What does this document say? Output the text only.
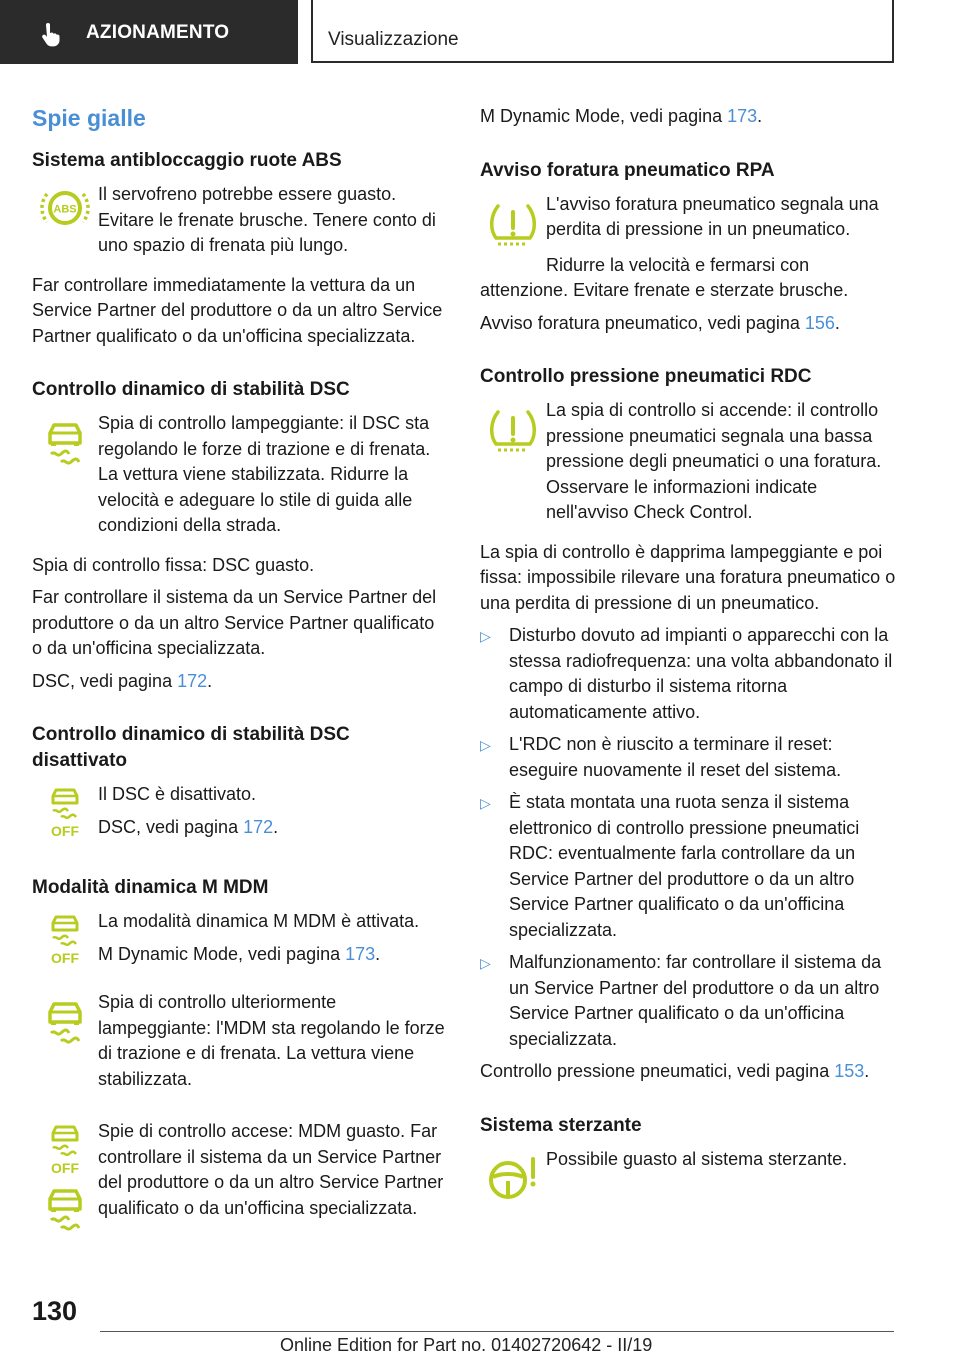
AZIONAMENTO	Visualizzazione
Spie gialle
Sistema antibloccaggio ruote ABS
ABS

Il servofreno potrebbe essere guasto. Evitare le frenate brusche. Tenere conto di uno spazio di frenata più lungo.

Far controllare immediatamente la vettura da un Service Partner del produttore o da un altro Service Partner qualificato o da un'officina specializzata.

Controllo dinamico di stabilità DSC

Spia di controllo lampeggiante: il DSC sta regolando le forze di trazione e di frenata. La vettura viene stabilizzata. Ridurre la velocità e adeguare lo stile di guida alle condizioni della strada.

Spia di controllo fissa: DSC guasto.

Far controllare il sistema da un Service Partner del produttore o da un altro Service Partner qualificato o da un'officina specializzata.

DSC, vedi pagina 172.

Controllo dinamico di stabilità DSC disattivato
OFF

Il DSC è disattivato.

DSC, vedi pagina 172.

Modalità dinamica M MDM
OFF

La modalità dinamica M MDM è attivata.

M Dynamic Mode, vedi pagina 173.

Spia di controllo ulteriormente lampeggiante: l'MDM sta regolando le forze di trazione e di frenata. La vettura viene stabilizzata.

OFF

Spie di controllo accese: MDM guasto. Far controllare il sistema da un Service Partner del produttore o da un altro Service Partner qualificato o da un'officina specializzata.

M Dynamic Mode, vedi pagina 173.

Avviso foratura pneumatico RPA

L'avviso foratura pneumatico segnala una perdita di pressione in un pneumatico.

Ridurre la velocità e fermarsi con attenzione. Evitare frenate e sterzate brusche.

Avviso foratura pneumatico, vedi pagina 156.

Controllo pressione pneumatici RDC

La spia di controllo si accende: il controllo pressione pneumatici segnala una bassa pressione degli pneumatici o una foratura. Osservare le informazioni indicate nell'avviso Check Control.

La spia di controllo è dapprima lampeggiante e poi fissa: impossibile rilevare una foratura pneumatico o una perdita di pressione di un pneumatico.

▷	Disturbo dovuto ad impianti o apparecchi con la stessa radiofrequenza: una volta abbandonato il campo di disturbo il sistema ritorna automaticamente attivo.
▷	L'RDC non è riuscito a terminare il reset: eseguire nuovamente il reset del sistema.
▷	È stata montata una ruota senza il sistema elettronico di controllo pressione pneumatici RDC: eventualmente farla controllare da un Service Partner del produttore o da un altro Service Partner qualificato o da un'officina specializzata.
▷	Malfunzionamento: far controllare il sistema da un Service Partner del produttore o da un altro Service Partner qualificato o da un'officina specializzata.

Controllo pressione pneumatici, vedi pagina 153.

Sistema sterzante

Possibile guasto al sistema sterzante.

130
Online Edition for Part no. 01402720642 - II/19
